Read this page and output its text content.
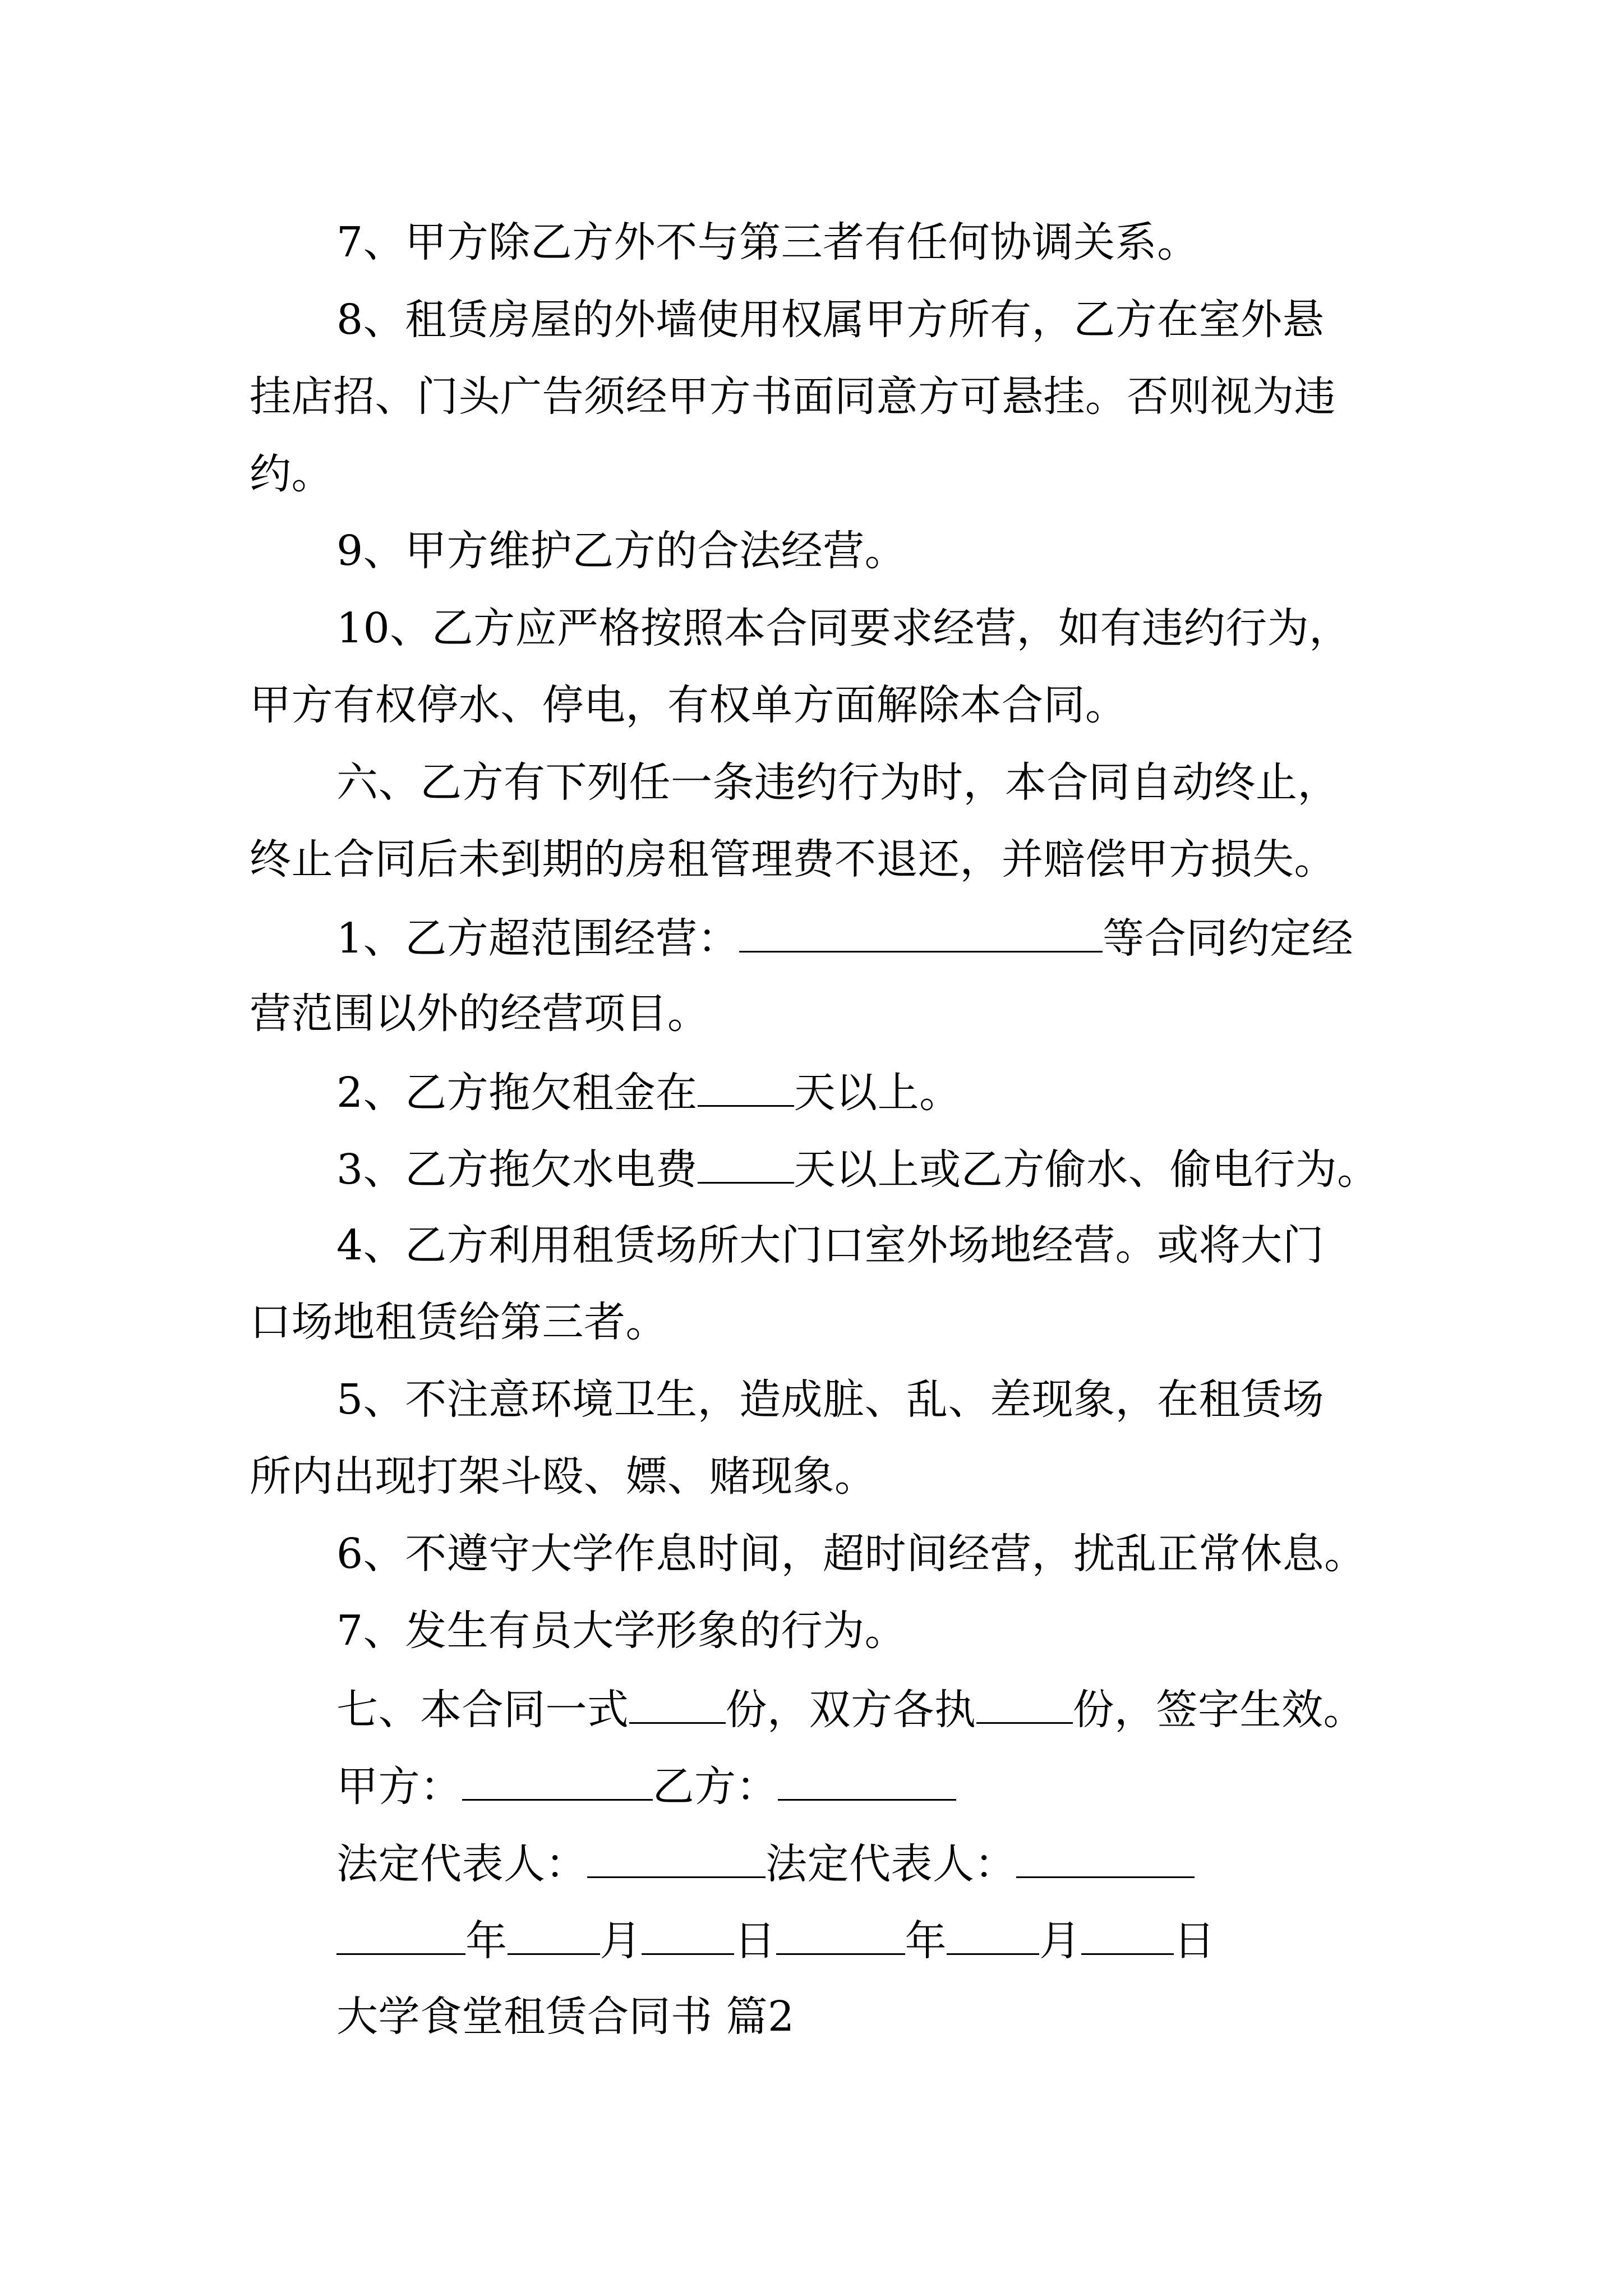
7、甲方除乙方外不与第三者有任何协调关系。
8、租赁房屋的外墙使用权属甲方所有，乙方在室外悬
挂店招、门头广告须经甲方书面同意方可悬挂。否则视为违
约。
9、甲方维护乙方的合法经营。
10、乙方应严格按照本合同要求经营，如有违约行为，
甲方有权停水、停电，有权单方面解除本合同。
六、乙方有下列任一条违约行为时，本合同自动终止，
终止合同后未到期的房租管理费不退还，并赔偿甲方损失。
1、乙方超范围经营：	等合同约定经
营范围以外的经营项目。
2、乙方拖欠租金在 天以上。
3、乙方拖欠水电费 天以上或乙方偷水、偷电行为。
4、乙方利用租赁场所大门口室外场地经营。或将大门
口场地租赁给第三者。
5、不注意环境卫生，造成脏、乱、差现象，在租赁场
所内出现打架斗殴、嫖、赌现象。
6、不遵守大学作息时间，超时间经营，扰乱正常休息。
7、发生有员大学形象的行为。
七、本合同一式 份，双方各执 份，签字生效。
甲方：	乙方：
法定代表人：	法定代表人：
年 月 日	年 月 日
大学食堂租赁合同书 篇2
